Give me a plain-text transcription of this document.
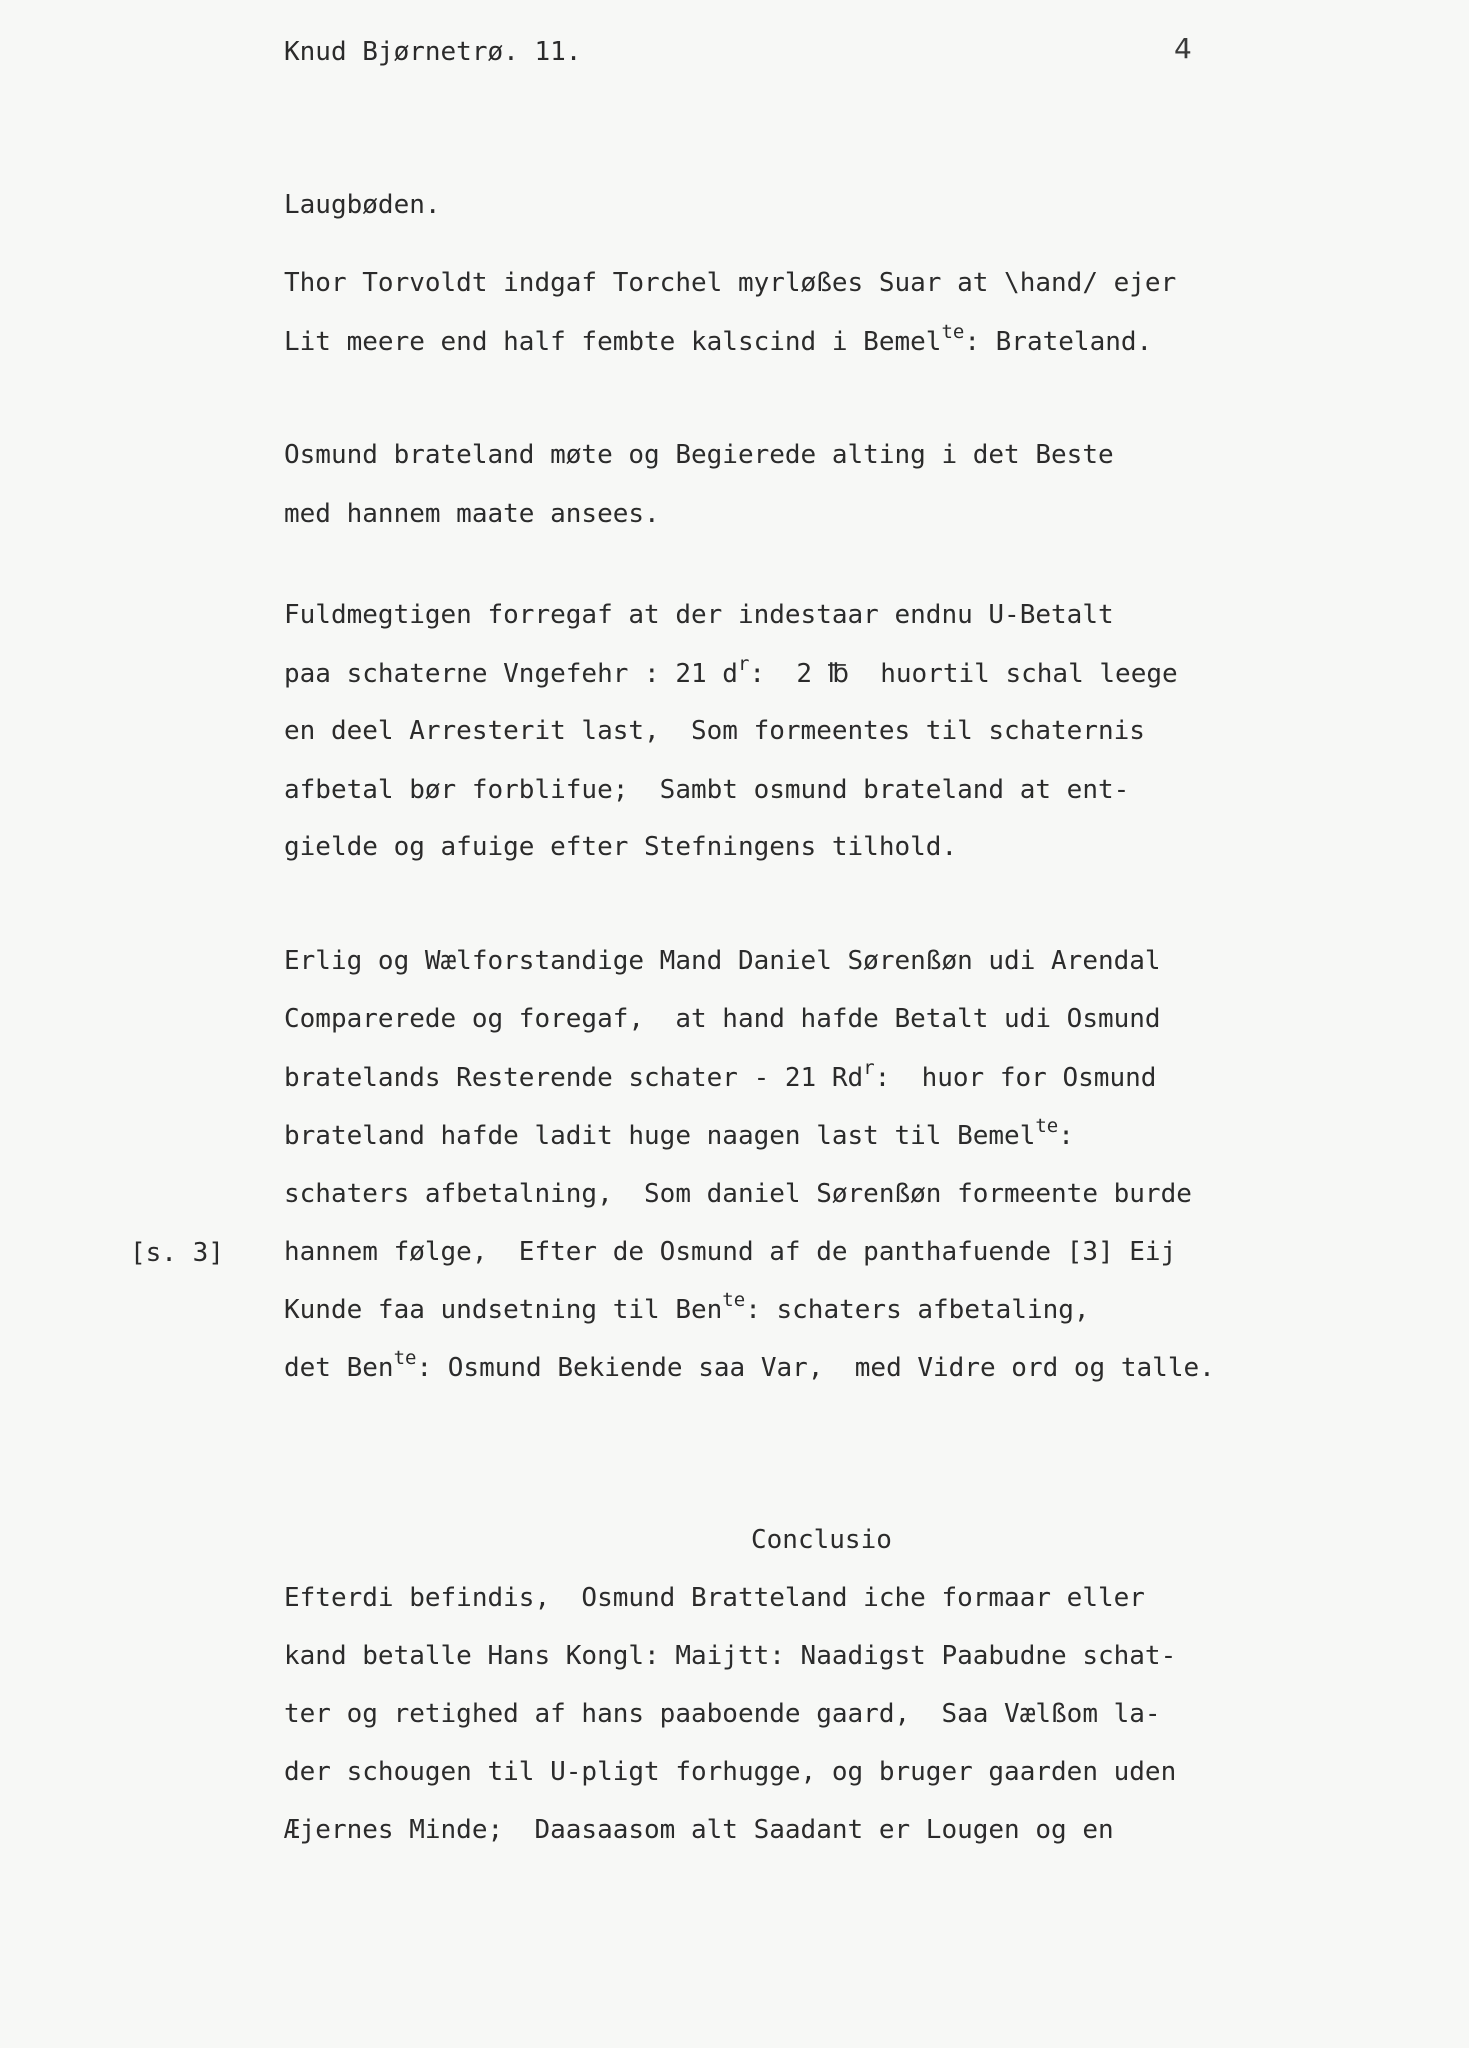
Knud Bjørnetrø. 11.	4
Laugbøden.
Thor Torvoldt indgaf Torchel myrløßes Suar at \hand/ ejer
Lit meere end half fembte kalscind i Bemel$^{te}$: Brateland.
Osmund brateland møte og Begierede alting i det Beste
med hannem maate ansees.
Fuldmegtigen forregaf at der indestaar endnu U-Betalt
paa schaterne Vngefehr : 21 $d^r$:  2 ℔  huortil schal leege
en deel Arresterit last,  Som formeentes til schaternis
afbetal bør forblifue;  Sambt osmund brateland at ent-
gielde og afuige efter Stefningens tilhold.
Erlig og Wælforstandige Mand Daniel Sørenßøn udi Arendal
Comparerede og foregaf,  at hand hafde Betalt udi Osmund
bratelands Resterende schater - 21 Rd$^r$:  huor for Osmund
brateland hafde ladit huge naagen last til Bemel$^{te}$:
schaters afbetalning,  Som daniel Sørenßøn formeente burde
[s. 3] hannem følge,  Efter de Osmund af de panthafuende [3] Eij
Kunde faa undsetning til Ben$^{te}$: schaters afbetaling,
det Ben$^{te}$: Osmund Bekiende saa Var,  med Vidre ord og talle.
Conclusio
Efterdi befindis,  Osmund Bratteland iche formaar eller
kand betalle Hans Kongl: Maijtt: Naadigst Paabudne schat-
ter og retighed af hans paaboende gaard,  Saa Vælßom la-
der schougen til U-pligt forhugge, og bruger gaarden uden
Æjernes Minde;  Daasaasom alt Saadant er Lougen og en
